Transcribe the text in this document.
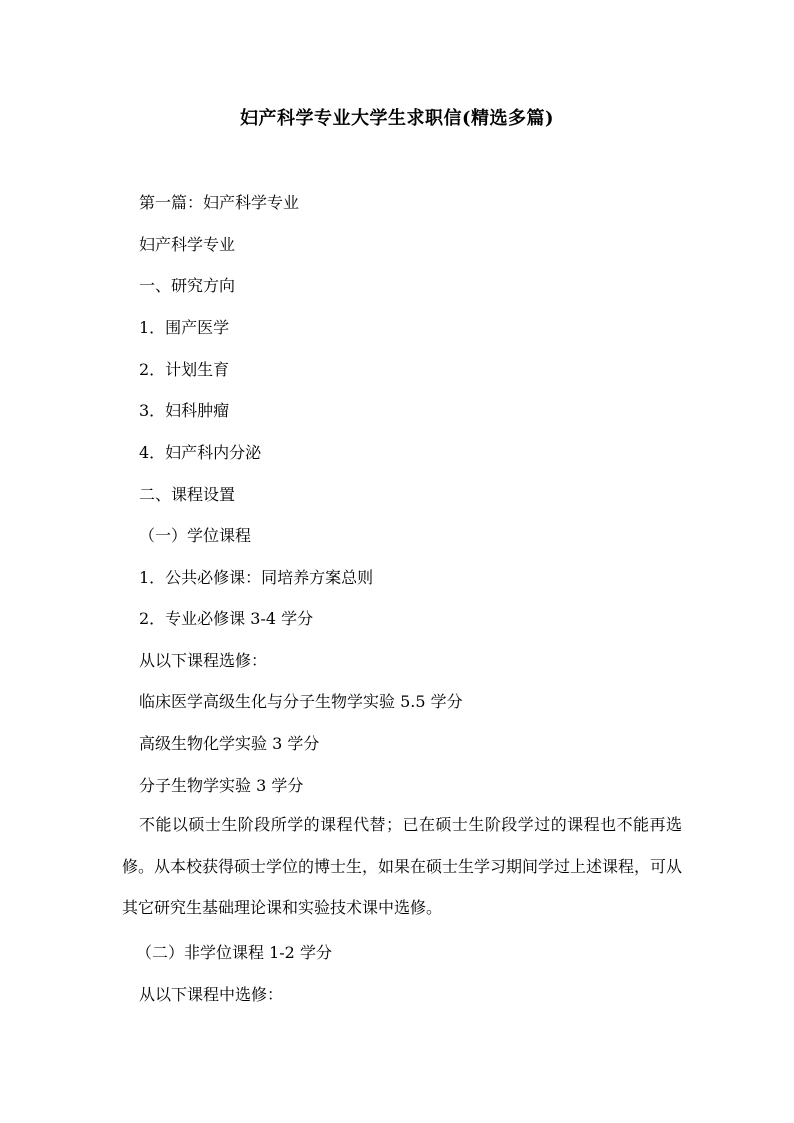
妇产科学专业大学生求职信(精选多篇)
第一篇：妇产科学专业
妇产科学专业
一、研究方向
1．围产医学
2．计划生育
3．妇科肿瘤
4．妇产科内分泌
二、课程设置
（一）学位课程
1．公共必修课：同培养方案总则
2．专业必修课 3-4 学分
从以下课程选修：
临床医学高级生化与分子生物学实验 5.5 学分
高级生物化学实验 3 学分
分子生物学实验 3 学分
不能以硕士生阶段所学的课程代替；已在硕士生阶段学过的课程也不能再选修。从本校获得硕士学位的博士生，如果在硕士生学习期间学过上述课程，可从其它研究生基础理论课和实验技术课中选修。
（二）非学位课程 1-2 学分
从以下课程中选修：
